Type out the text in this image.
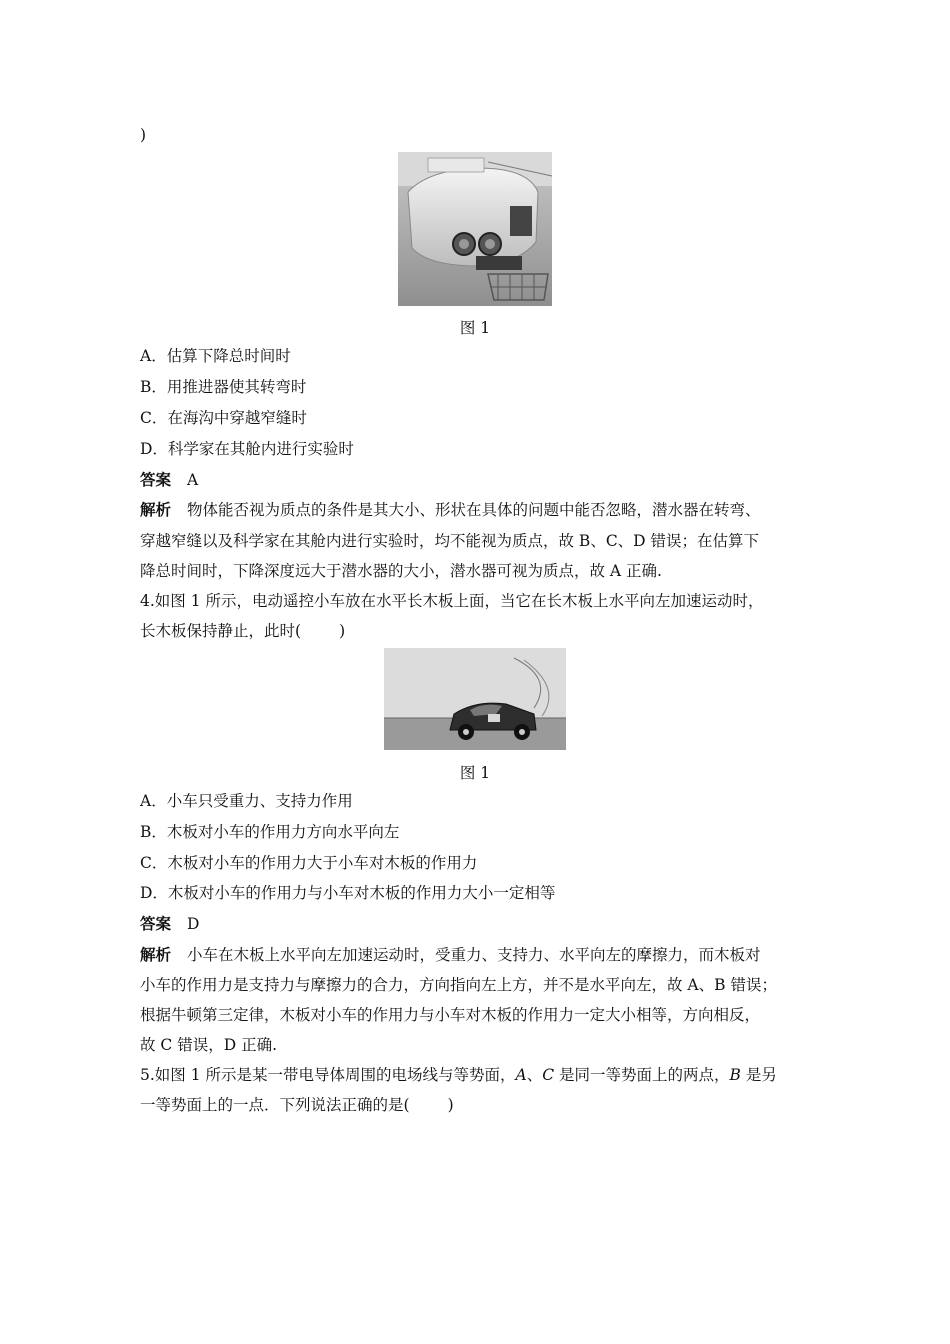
)
图 1
A．估算下降总时间时
B．用推进器使其转弯时
C．在海沟中穿越窄缝时
D．科学家在其舱内进行实验时
答案 A
解析 物体能否视为质点的条件是其大小、形状在具体的问题中能否忽略，潜水器在转弯、
穿越窄缝以及科学家在其舱内进行实验时，均不能视为质点，故 B、C、D 错误；在估算下
降总时间时，下降深度远大于潜水器的大小，潜水器可视为质点，故 A 正确.
4.如图 1 所示，电动遥控小车放在水平长木板上面，当它在长木板上水平向左加速运动时，
长木板保持静止，此时( )
图 1
A．小车只受重力、支持力作用
B．木板对小车的作用力方向水平向左
C．木板对小车的作用力大于小车对木板的作用力
D．木板对小车的作用力与小车对木板的作用力大小一定相等
答案 D
解析 小车在木板上水平向左加速运动时，受重力、支持力、水平向左的摩擦力，而木板对
小车的作用力是支持力与摩擦力的合力，方向指向左上方，并不是水平向左，故 A、B 错误；
根据牛顿第三定律，木板对小车的作用力与小车对木板的作用力一定大小相等，方向相反，
故 C 错误，D 正确.
5.如图 1 所示是某一带电导体周围的电场线与等势面，A、C 是同一等势面上的两点，B 是另
一等势面上的一点．下列说法正确的是( )
